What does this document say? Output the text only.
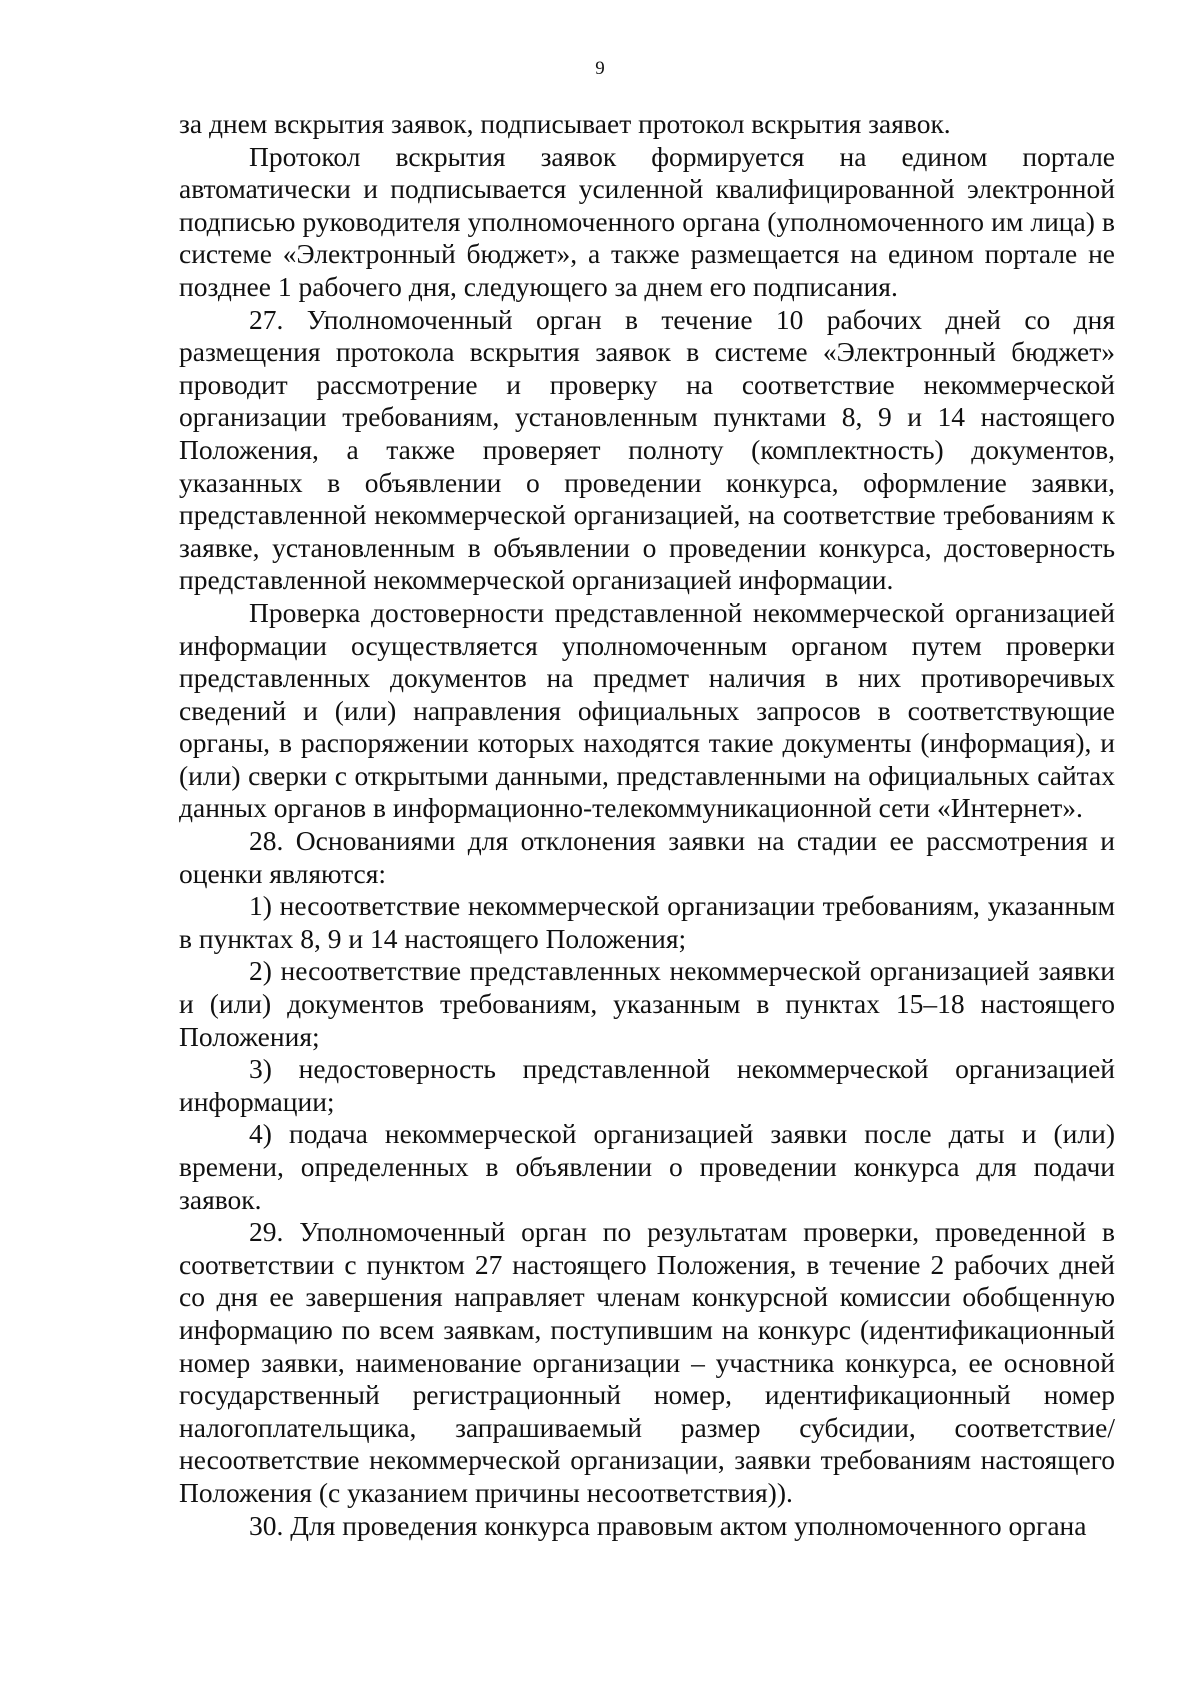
9

за днем вскрытия заявок, подписывает протокол вскрытия заявок.

Протокол вскрытия заявок формируется на едином портале автоматически и подписывается усиленной квалифицированной электронной подписью руководителя уполномоченного органа (уполномоченного им лица) в системе «Электронный бюджет», а также размещается на едином портале не позднее 1 рабочего дня, следующего за днем его подписания.

27. Уполномоченный орган в течение 10 рабочих дней со дня размещения протокола вскрытия заявок в системе «Электронный бюджет» проводит рассмотрение и проверку на соответствие некоммерческой организации требованиям, установленным пунктами 8, 9 и 14 настоящего Положения, а также проверяет полноту (комплектность) документов, указанных в объявлении о проведении конкурса, оформление заявки, представленной некоммерческой организацией, на соответствие требованиям к заявке, установленным в объявлении о проведении конкурса, достоверность представленной некоммерческой организацией информации.

Проверка достоверности представленной некоммерческой организацией информации осуществляется уполномоченным органом путем проверки представленных документов на предмет наличия в них противоречивых сведений и (или) направления официальных запросов в соответствующие органы, в распоряжении которых находятся такие документы (информация), и (или) сверки с открытыми данными, представленными на официальных сайтах данных органов в информационно-телекоммуникационной сети «Интернет».

28. Основаниями для отклонения заявки на стадии ее рассмотрения и оценки являются:

1) несоответствие некоммерческой организации требованиям, указанным в пунктах 8, 9 и 14 настоящего Положения;

2) несоответствие представленных некоммерческой организацией заявки и (или) документов требованиям, указанным в пунктах 15–18 настоящего Положения;

3) недостоверность представленной некоммерческой организацией информации;

4) подача некоммерческой организацией заявки после даты и (или) времени, определенных в объявлении о проведении конкурса для подачи заявок.

29. Уполномоченный орган по результатам проверки, проведенной в соответствии с пунктом 27 настоящего Положения, в течение 2 рабочих дней со дня ее завершения направляет членам конкурсной комиссии обобщенную информацию по всем заявкам, поступившим на конкурс (идентификационный номер заявки, наименование организации – участника конкурса, ее основной государственный регистрационный номер, идентификационный номер налогоплательщика, запрашиваемый размер субсидии, соответствие/ несоответствие некоммерческой организации, заявки требованиям настоящего Положения (с указанием причины несоответствия)).

30. Для проведения конкурса правовым актом уполномоченного органа
